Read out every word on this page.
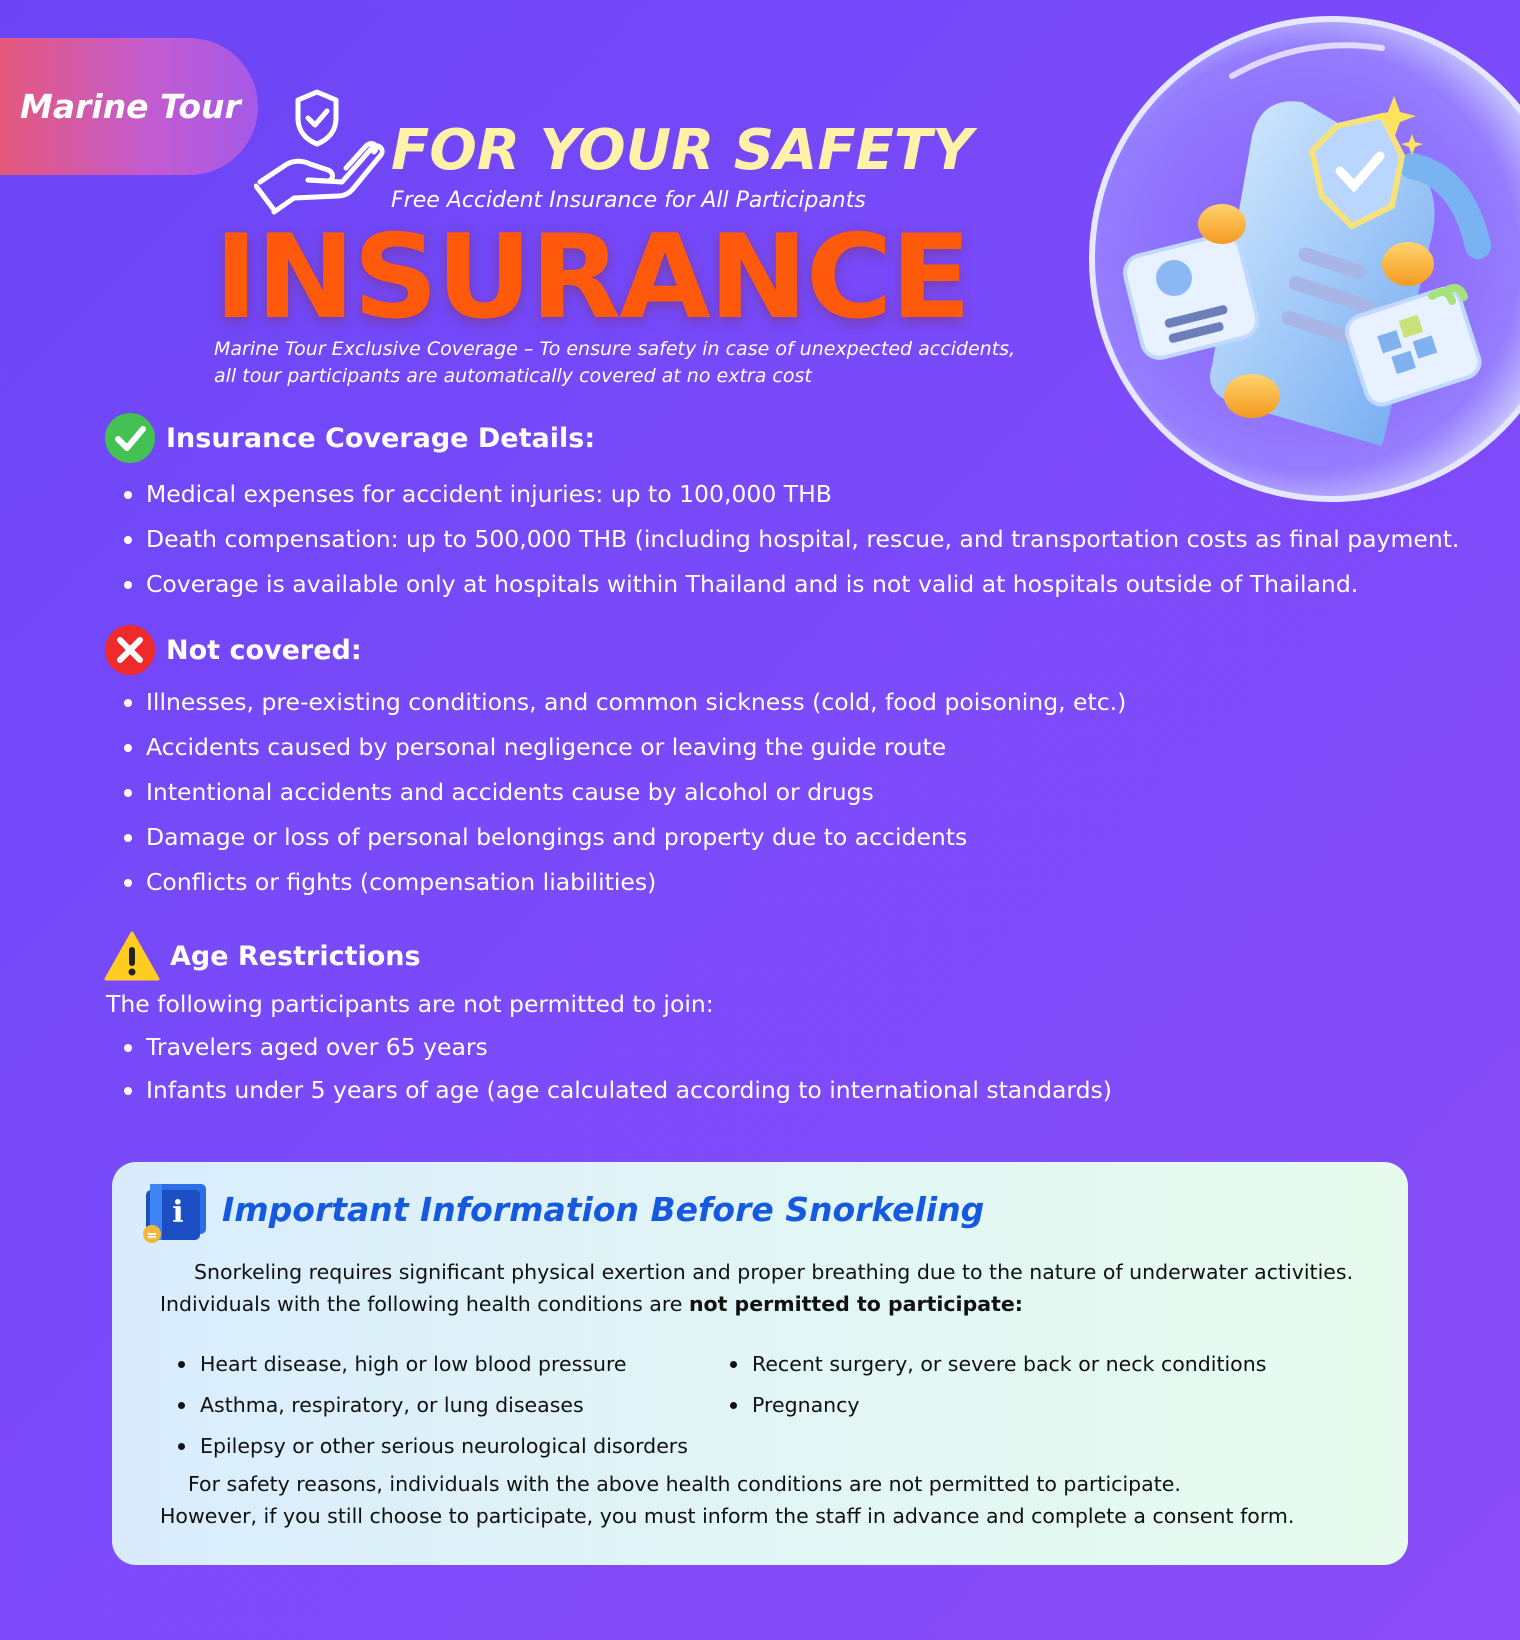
Marine Tour
FOR YOUR SAFETY
Free Accident Insurance for All Participants
INSURANCE
Marine Tour Exclusive Coverage – To ensure safety in case of unexpected accidents,
all tour participants are automatically covered at no extra cost
Insurance Coverage Details:
Medical expenses for accident injuries: up to 100,000 THB
Death compensation: up to 500,000 THB (including hospital, rescue, and transportation costs as final payment.
Coverage is available only at hospitals within Thailand and is not valid at hospitals outside of Thailand.
Not covered:
Illnesses, pre-existing conditions, and common sickness (cold, food poisoning, etc.)
Accidents caused by personal negligence or leaving the guide route
Intentional accidents and accidents cause by alcohol or drugs
Damage or loss of personal belongings and property due to accidents
Conflicts or fights (compensation liabilities)
Age Restrictions
The following participants are not permitted to join:
Travelers aged over 65 years
Infants under 5 years of age (age calculated according to international standards)
i Important Information Before Snorkeling
Snorkeling requires significant physical exertion and proper breathing due to the nature of underwater activities.
Individuals with the following health conditions are not permitted to participate:
Heart disease, high or low blood pressure
Asthma, respiratory, or lung diseases
Epilepsy or other serious neurological disorders
Recent surgery, or severe back or neck conditions
Pregnancy
For safety reasons, individuals with the above health conditions are not permitted to participate.
However, if you still choose to participate, you must inform the staff in advance and complete a consent form.
